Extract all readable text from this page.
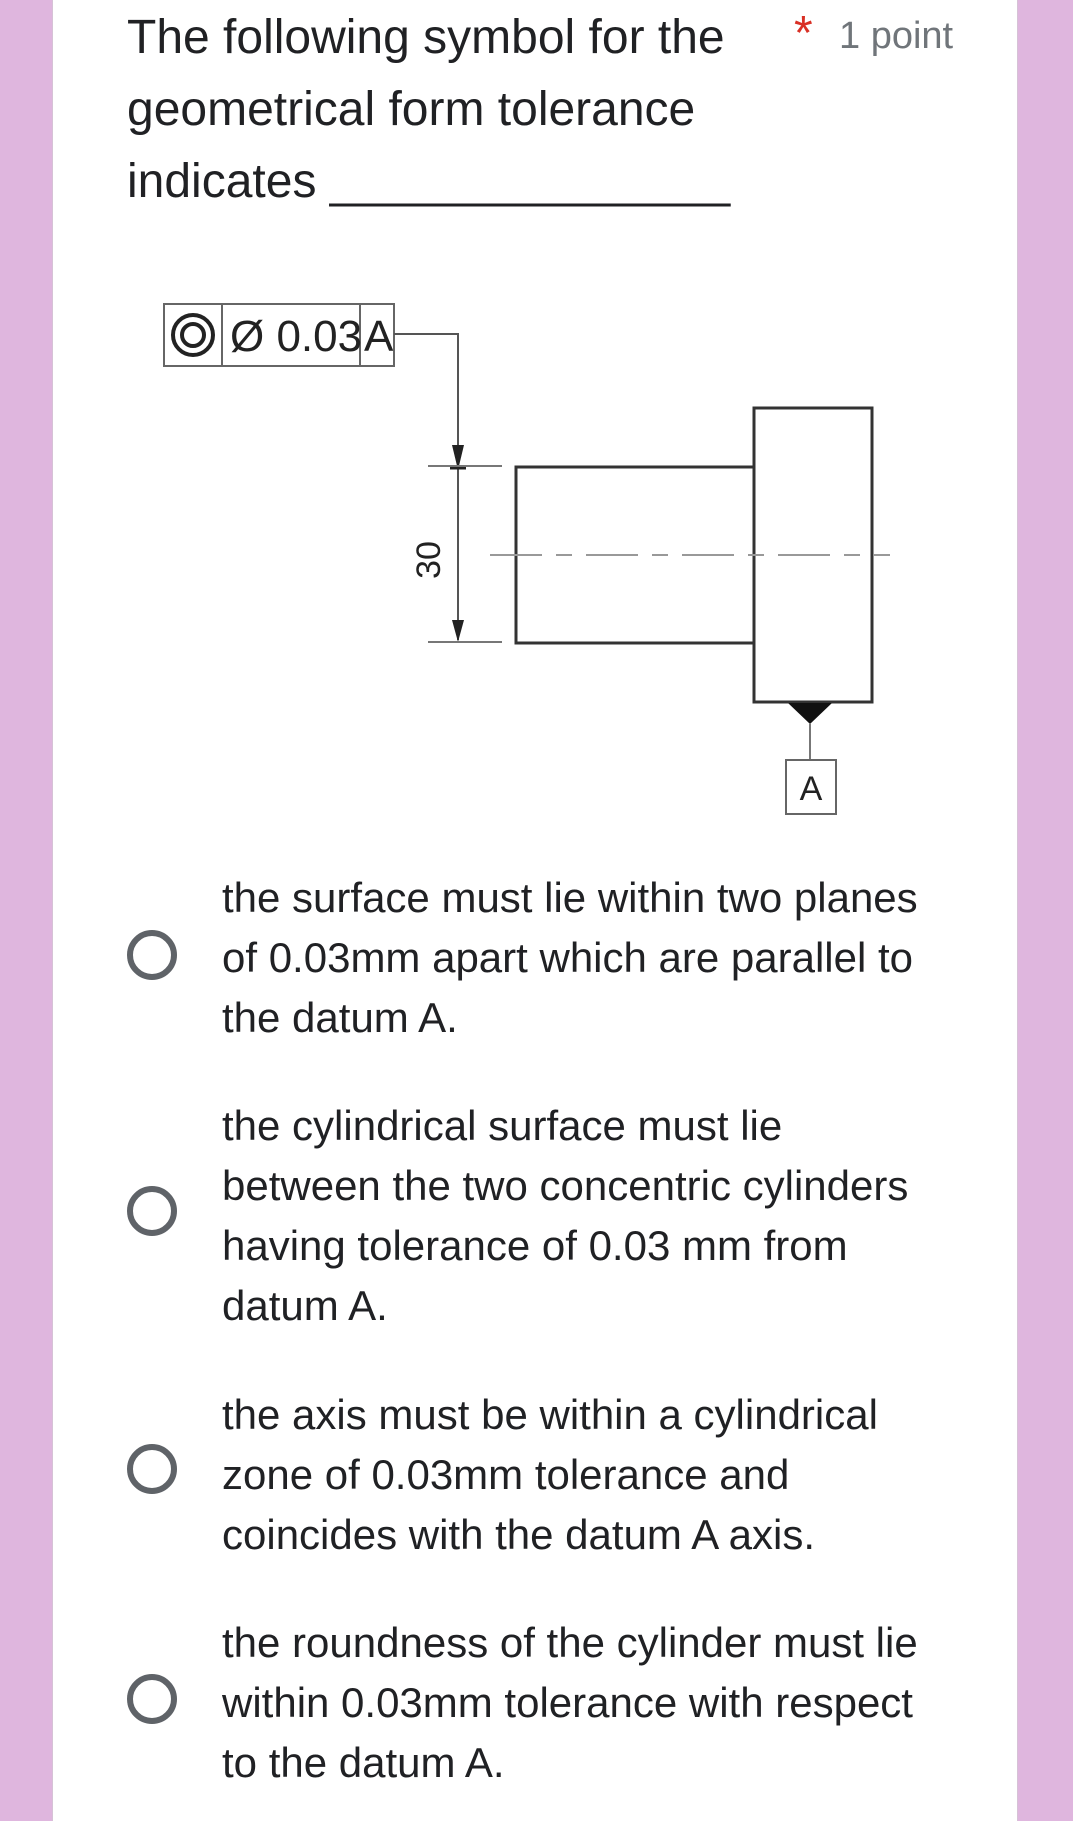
The following symbol for the geometrical form tolerance indicates _______________
* 1 point
Ø 0.03 A
30
A
the surface must lie within two planes of 0.03mm apart which are parallel to the datum A.
the cylindrical surface must lie between the two concentric cylinders having tolerance of 0.03 mm from datum A.
the axis must be within a cylindrical zone of 0.03mm tolerance and coincides with the datum A axis.
the roundness of the cylinder must lie within 0.03mm tolerance with respect to the datum A.
